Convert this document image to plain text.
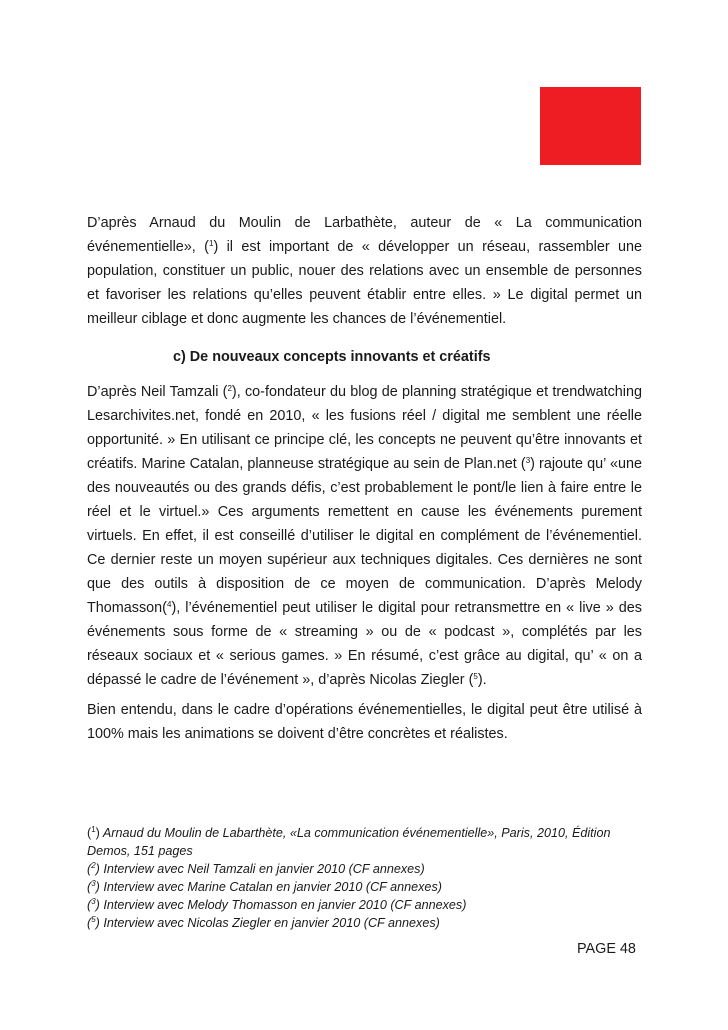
D’après Arnaud du Moulin de Larbathète, auteur de « La communication événementielle», ($^1$) il est important de « développer un réseau, rassembler une population, constituer un public, nouer des relations avec un ensemble de personnes et favoriser les relations qu’elles peuvent établir entre elles. » Le digital permet un meilleur ciblage et donc augmente les chances de l’événementiel.

c) De nouveaux concepts innovants et créatifs

D’après Neil Tamzali ($^2$), co-fondateur du blog de planning stratégique et trendwatching Lesarchivites.net, fondé en 2010, « les fusions réel / digital me semblent une réelle opportunité. » En utilisant ce principe clé, les concepts ne peuvent qu’être innovants et créatifs. Marine Catalan, planneuse stratégique au sein de Plan.net ($^3$) rajoute qu’ «une des nouveautés ou des grands défis, c’est probablement le pont/le lien à faire entre le réel et le virtuel.» Ces arguments remettent en cause les événements purement virtuels. En effet, il est conseillé d’utiliser le digital en complément de l’événementiel. Ce dernier reste un moyen supérieur aux techniques digitales. Ces dernières ne sont que des outils à disposition de ce moyen de communication. D’après Melody Thomasson($^4$), l’événementiel peut utiliser le digital pour retransmettre en « live » des événements sous forme de « streaming » ou de « podcast », complétés par les réseaux sociaux et « serious games. » En résumé, c’est grâce au digital, qu’ « on a dépassé le cadre de l’événement », d’après Nicolas Ziegler ($^5$).

Bien entendu, dans le cadre d’opérations événementielles, le digital peut être utilisé à 100% mais les animations se doivent d’être concrètes et réalistes.

($^1$) Arnaud du Moulin de Labarthète, «La communication événementielle», Paris, 2010, Édition Demos, 151 pages

($^2$) Interview avec Neil Tamzali en janvier 2010 (CF annexes)

($^3$) Interview avec Marine Catalan en janvier 2010 (CF annexes)

($^3$) Interview avec Melody Thomasson en janvier 2010 (CF annexes)

($^5$) Interview avec Nicolas Ziegler en janvier 2010 (CF annexes)

PAGE 48
